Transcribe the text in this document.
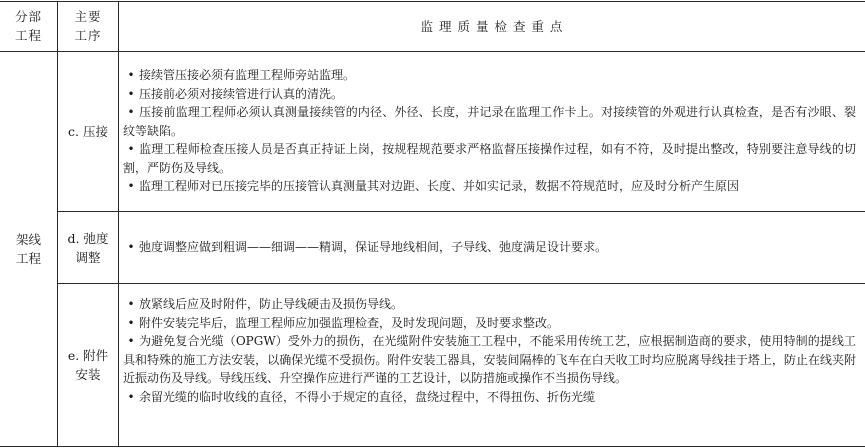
分部
工程
主要
工序
监 理 质 量 检 查 重 点
架线
工程
c. 压接

• 接续管压接必须有监理工程师旁站监理。

• 压接前必须对接续管进行认真的清洗。

• 压接前监理工程师必须认真测量接续管的内径、外径、长度，并记录在监理工作卡上。对接续管的外观进行认真检查，是否有沙眼、裂纹等缺陷。

• 监理工程师检查压接人员是否真正持证上岗，按规程规范要求严格监督压接操作过程，如有不符，及时提出整改，特别要注意导线的切割，严防伤及导线。

• 监理工程师对已压接完毕的压接管认真测量其对边距、长度、并如实记录，数据不符规范时，应及时分析产生原因

d. 弛度
调整

• 弛度调整应做到粗调——细调——精调，保证导地线相间，子导线、弛度满足设计要求。

e. 附件
安装

• 放紧线后应及时附件，防止导线硬击及损伤导线。

• 附件安装完毕后，监理工程师应加强监理检查，及时发现问题，及时要求整改。

• 为避免复合光缆（OPGW）受外力的损伤，在光缆附件安装施工工程中，不能采用传统工艺，应根据制造商的要求，使用特制的提线工具和特殊的施工方法安装，以确保光缆不受损伤。附件安装工器具，安装间隔棒的飞车在白天收工时均应脱离导线挂于塔上，防止在线夹附近振动伤及导线。导线压线、升空操作应进行严谨的工艺设计，以防措施或操作不当损伤导线。

• 余留光缆的临时收线的直径，不得小于规定的直径，盘绕过程中，不得扭伤、折伤光缆
